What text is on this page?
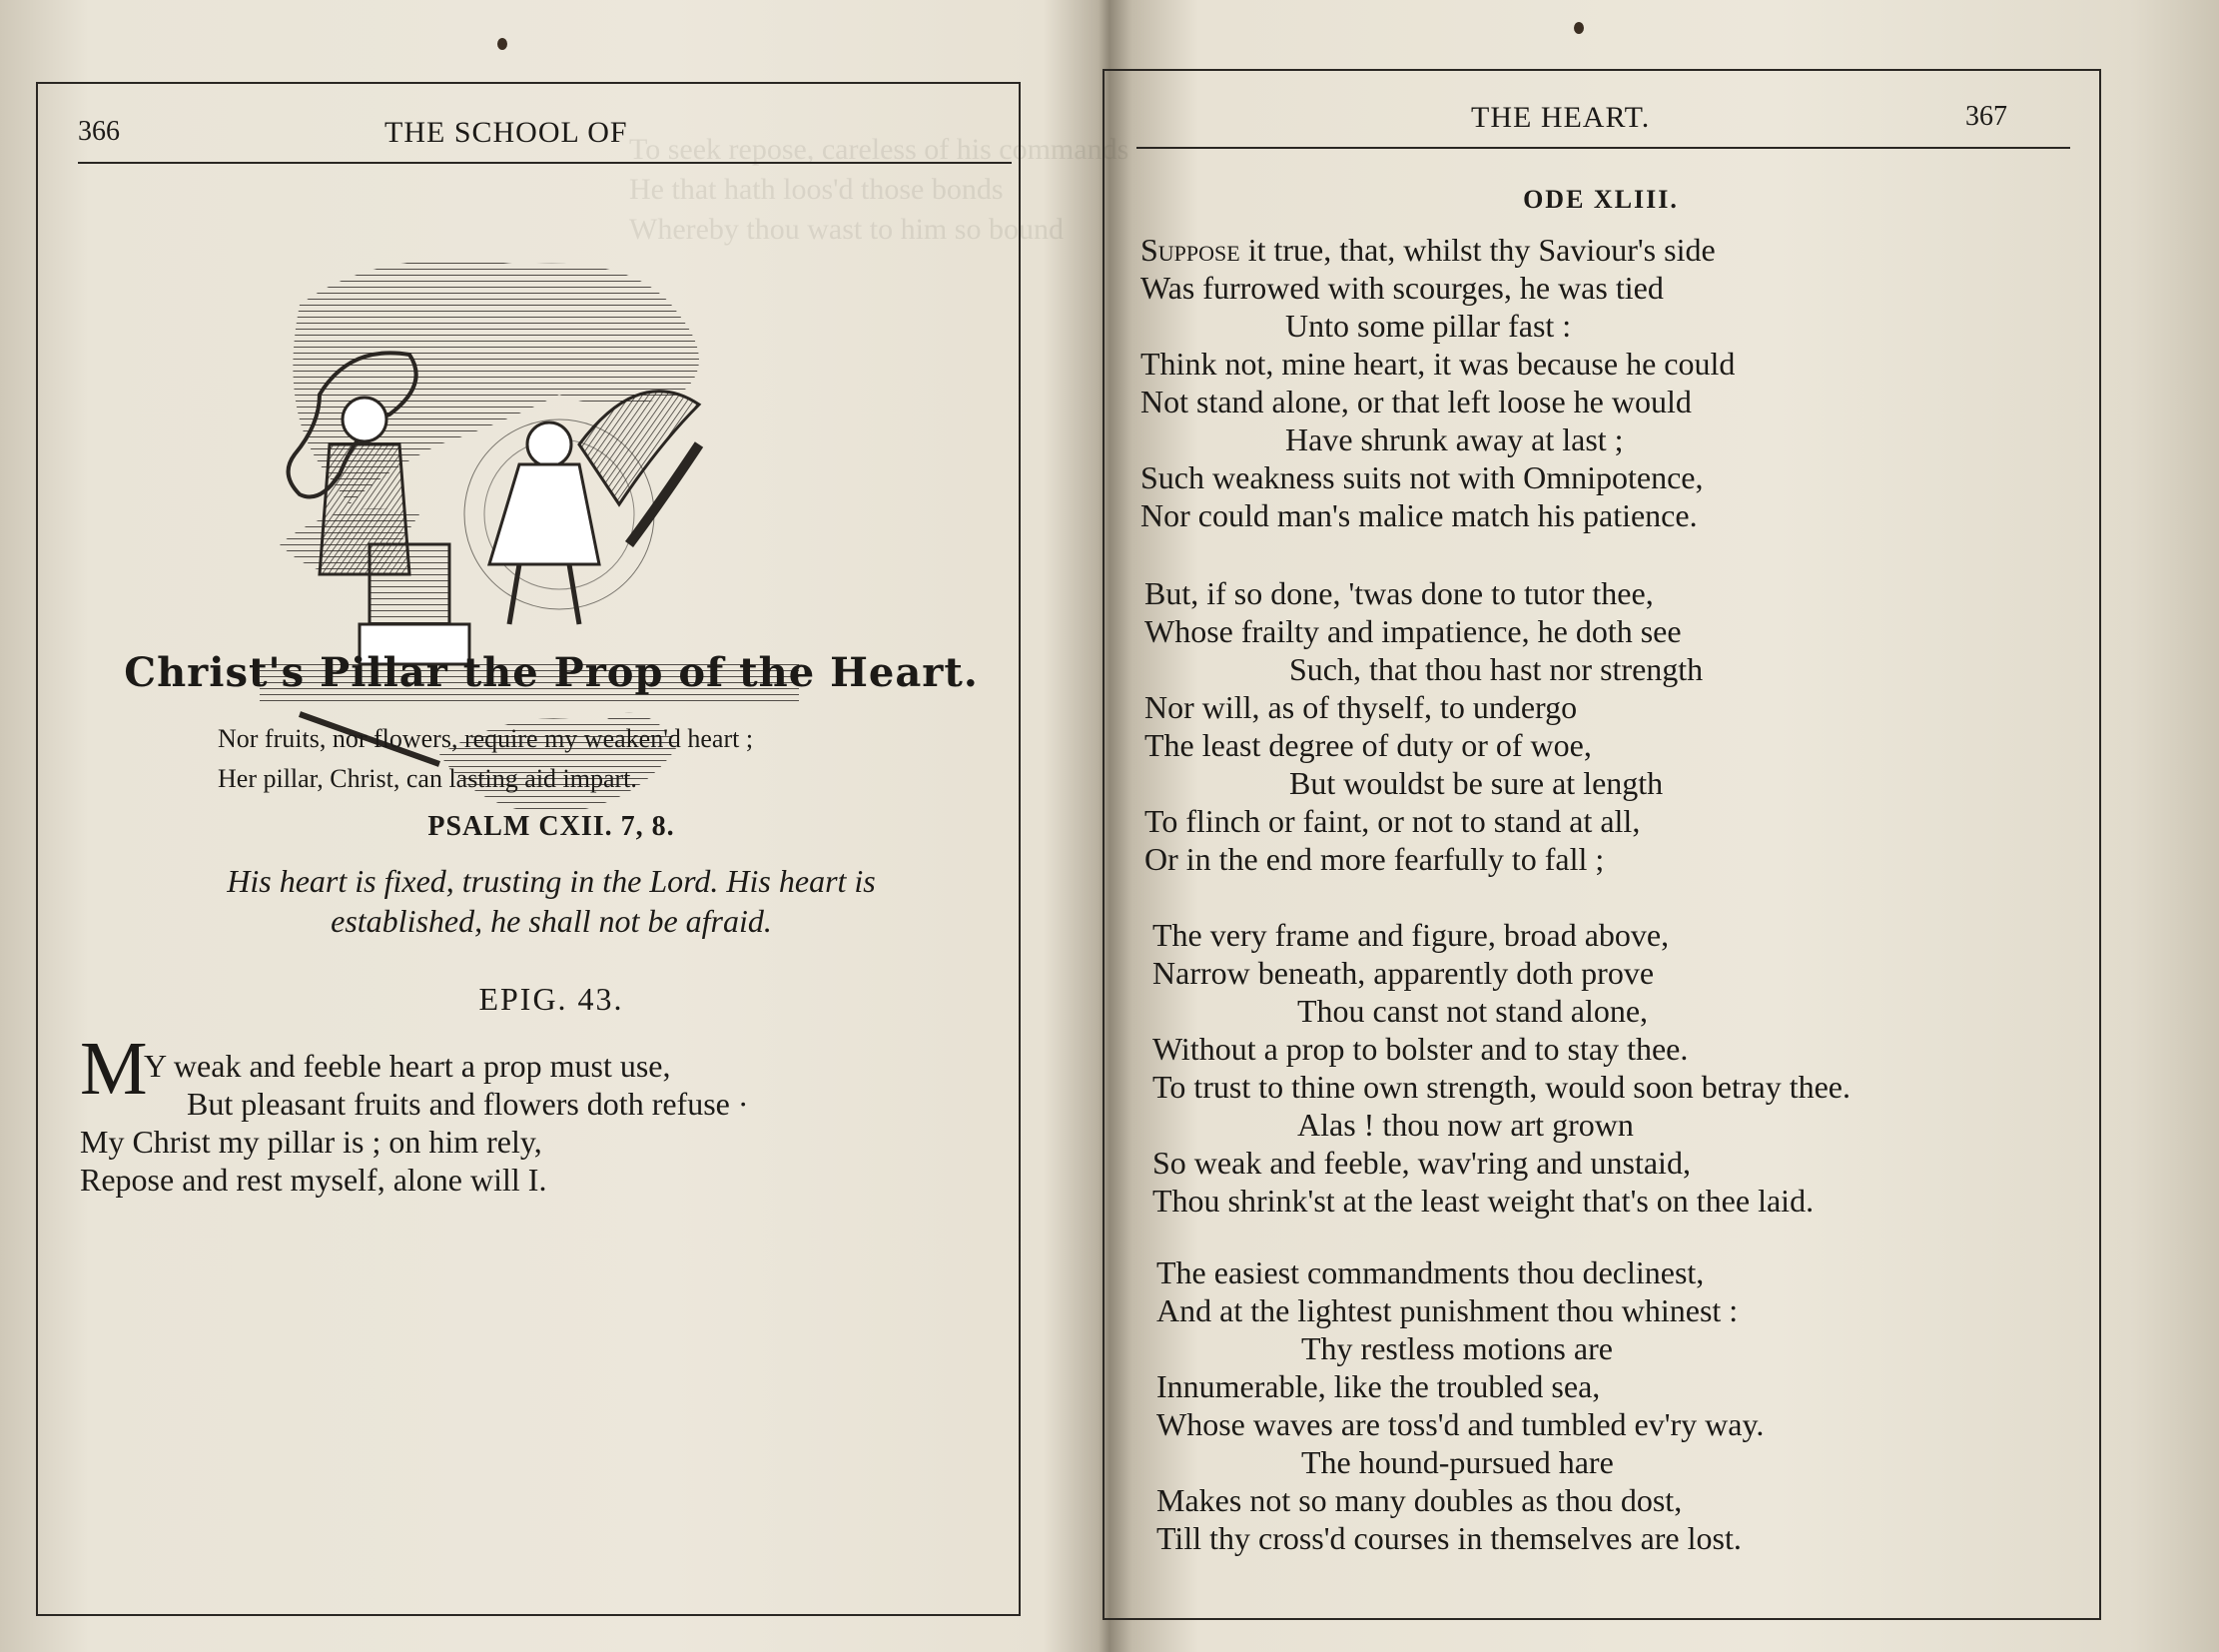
To seek repose, careless of his commands
He that hath loos'd those bonds
Whereby thou wast to him so bound
366	THE SCHOOL OF
Christ's Pillar the Prop of the Heart.
Nor fruits, nor flowers, require my weaken'd heart ;
Her pillar, Christ, can lasting aid impart.
PSALM CXII. 7, 8.
His heart is fixed, trusting in the Lord. His heart is
established, he shall not be afraid.
EPIG. 43.
M
Y weak and feeble heart a prop must use,
But pleasant fruits and flowers doth refuse ·
My Christ my pillar is ; on him rely,
Repose and rest myself, alone will I.
367
THE HEART.
ODE XLIII.
Suppose it true, that, whilst thy Saviour's side
Was furrowed with scourges, he was tied
Unto some pillar fast :
Think not, mine heart, it was because he could
Not stand alone, or that left loose he would
Have shrunk away at last ;
Such weakness suits not with Omnipotence,
Nor could man's malice match his patience.
But, if so done, 'twas done to tutor thee,
Whose frailty and impatience, he doth see
Such, that thou hast nor strength
Nor will, as of thyself, to undergo
The least degree of duty or of woe,
But wouldst be sure at length
To flinch or faint, or not to stand at all,
Or in the end more fearfully to fall ;
The very frame and figure, broad above,
Narrow beneath, apparently doth prove
Thou canst not stand alone,
Without a prop to bolster and to stay thee.
To trust to thine own strength, would soon betray thee.
Alas ! thou now art grown
So weak and feeble, wav'ring and unstaid,
Thou shrink'st at the least weight that's on thee laid.
The easiest commandments thou declinest,
And at the lightest punishment thou whinest :
Thy restless motions are
Innumerable, like the troubled sea,
Whose waves are toss'd and tumbled ev'ry way.
The hound-pursued hare
Makes not so many doubles as thou dost,
Till thy cross'd courses in themselves are lost.
